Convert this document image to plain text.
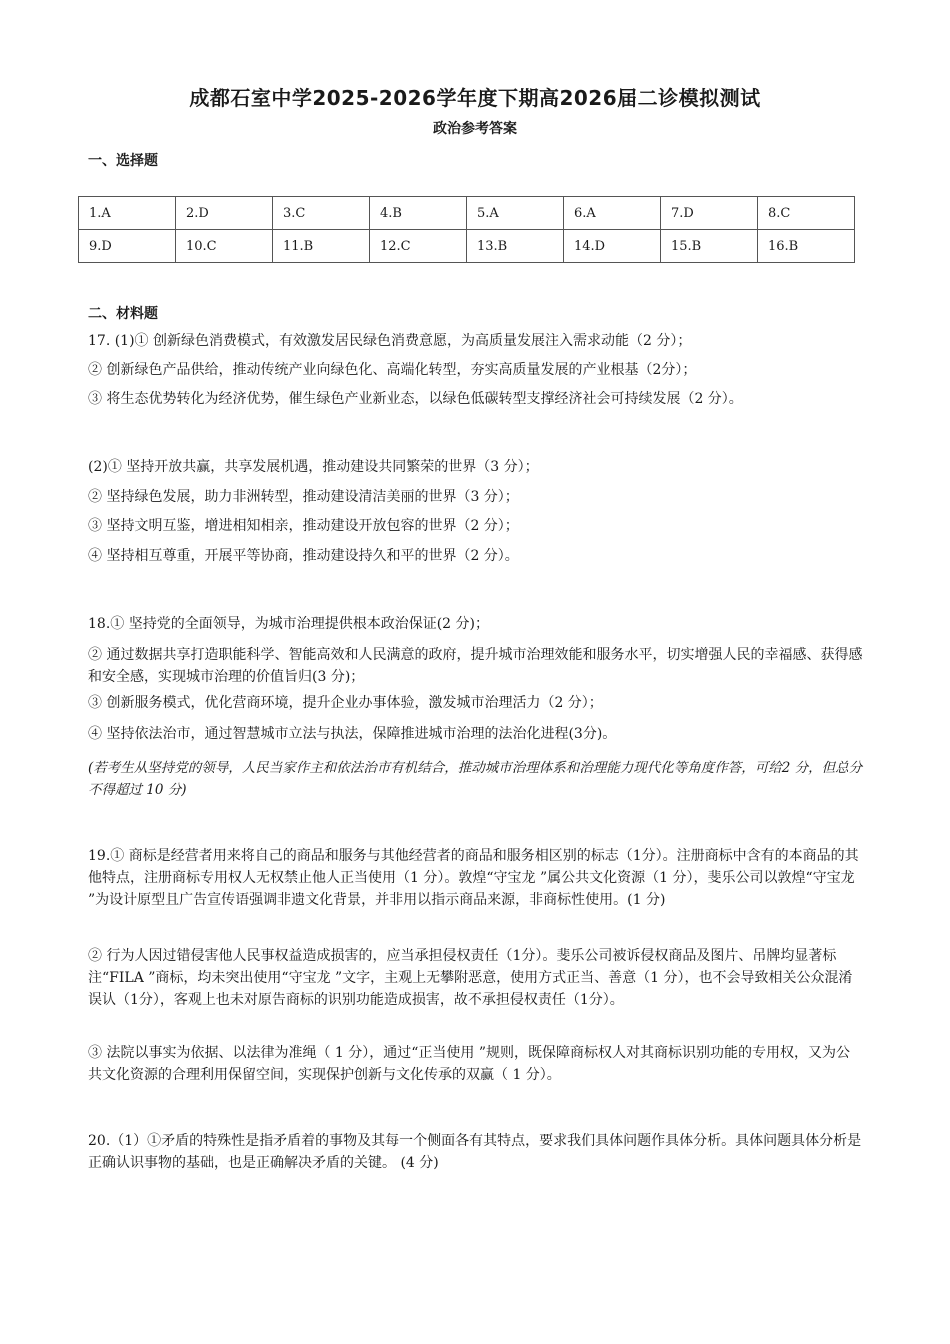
成都石室中学2025-2026学年度下期高2026届二诊模拟测试
政治参考答案
一、选择题
1.A	2.D	3.C	4.B	5.A	6.A	7.D	8.C
9.D	10.C	11.B	12.C	13.B	14.D	15.B	16.B
二、材料题

17. (1)① 创新绿色消费模式，有效激发居民绿色消费意愿，为高质量发展注入需求动能（2 分）；

② 创新绿色产品供给，推动传统产业向绿色化、高端化转型，夯实高质量发展的产业根基（2分）；

③ 将生态优势转化为经济优势，催生绿色产业新业态，以绿色低碳转型支撑经济社会可持续发展（2 分）。

(2)① 坚持开放共赢，共享发展机遇，推动建设共同繁荣的世界（3 分）；

② 坚持绿色发展，助力非洲转型，推动建设清洁美丽的世界（3 分）；

③ 坚持文明互鉴，增进相知相亲，推动建设开放包容的世界（2 分）；

④ 坚持相互尊重，开展平等协商，推动建设持久和平的世界（2 分）。

18.① 坚持党的全面领导，为城市治理提供根本政治保证(2 分)；

② 通过数据共享打造职能科学、智能高效和人民满意的政府，提升城市治理效能和服务水平，切实增强人民的幸福感、获得感和安全感，实现城市治理的价值旨归(3 分)；

③ 创新服务模式，优化营商环境，提升企业办事体验，激发城市治理活力（2 分）；

④ 坚持依法治市，通过智慧城市立法与执法，保障推进城市治理的法治化进程(3分)。

(若考生从坚持党的领导，人民当家作主和依法治市有机结合，推动城市治理体系和治理能力现代化等角度作答，可给2 分，但总分不得超过 10 分)

19.① 商标是经营者用来将自己的商品和服务与其他经营者的商品和服务相区别的标志（1分）。注册商标中含有的本商品的其他特点，注册商标专用权人无权禁止他人正当使用（1 分）。敦煌“守宝龙 ”属公共文化资源（1 分），斐乐公司以敦煌“守宝龙 ”为设计原型且广告宣传语强调非遗文化背景，并非用以指示商品来源，非商标性使用。(1 分)

② 行为人因过错侵害他人民事权益造成损害的，应当承担侵权责任（1分）。斐乐公司被诉侵权商品及图片、吊牌均显著标注“FILA ”商标，均未突出使用“守宝龙 ”文字，主观上无攀附恶意，使用方式正当、善意（1 分），也不会导致相关公众混淆误认（1分），客观上也未对原告商标的识别功能造成损害，故不承担侵权责任（1分）。

③ 法院以事实为依据、以法律为准绳（ 1 分），通过“正当使用 ”规则，既保障商标权人对其商标识别功能的专用权，又为公共文化资源的合理利用保留空间，实现保护创新与文化传承的双赢（ 1 分）。

20.（1）①矛盾的特殊性是指矛盾着的事物及其每一个侧面各有其特点，要求我们具体问题作具体分析。具体问题具体分析是正确认识事物的基础，也是正确解决矛盾的关键。 (4 分)
